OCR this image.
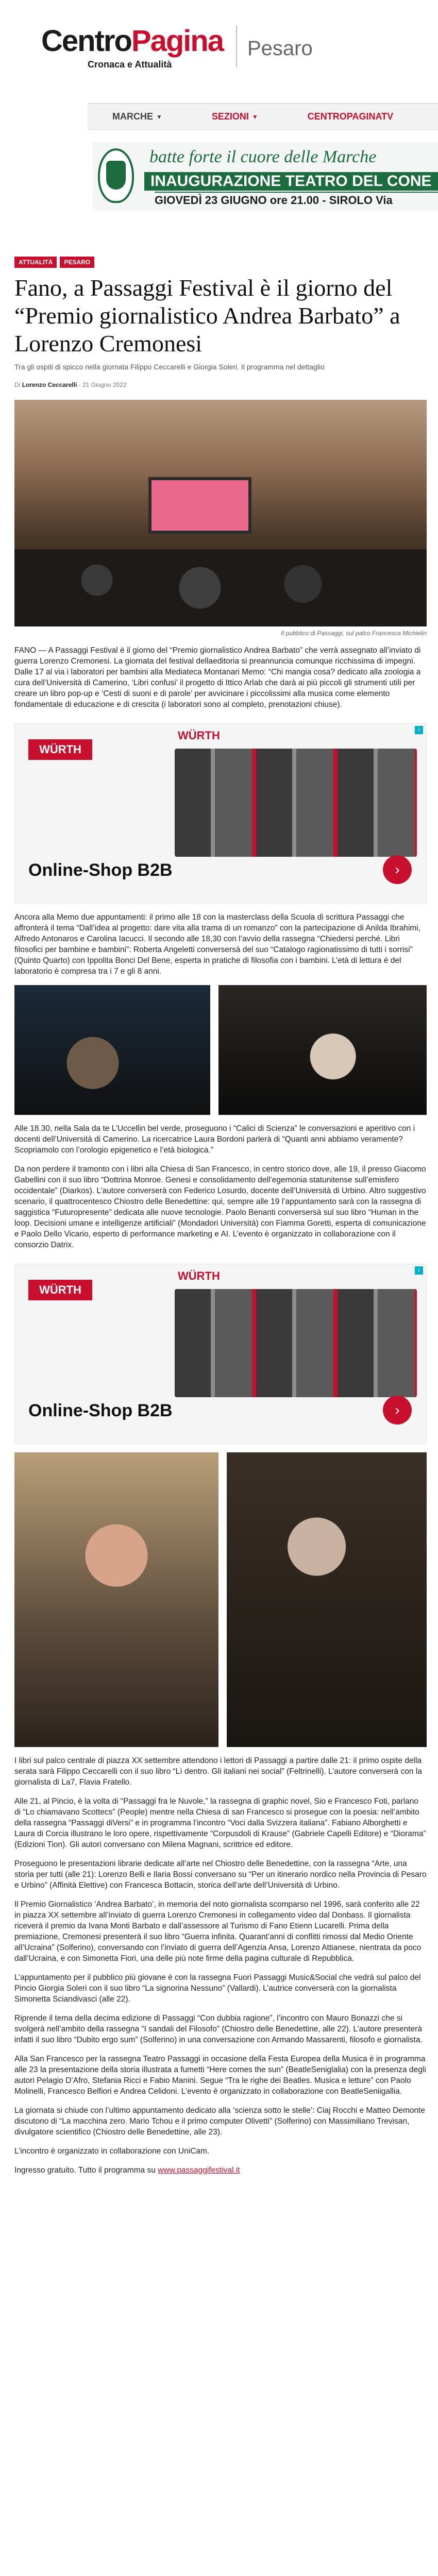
CentroPagina
Cronaca e Attualità
Pesaro
MARCHE ▼	SEZIONI ▼	CENTROPAGINATV
batte forte il cuore delle Marche
INAUGURAZIONE TEATRO DEL CONE
GIOVEDÌ 23 GIUGNO ore 21.00 - SIROLO Via
ATTUALITÀ	PESARO
Fano, a Passaggi Festival è il giorno del “Premio giornalistico Andrea Barbato” a Lorenzo Cremonesi
Tra gli ospiti di spicco nella giornata Filippo Ceccarelli e Giorgia Soleri. Il programma nel dettaglio
Di Lorenzo Ceccarelli - 21 Giugno 2022
Il pubblico di Passaggi, sul palco Francesca Michielin

FANO — A Passaggi Festival è il giorno del “Premio giornalistico Andrea Barbato” che verrà assegnato all’inviato di guerra Lorenzo Cremonesi. La giornata del festival dellaeditoria si preannuncia comunque ricchissima di impegni. Dalle 17 al via i laboratori per bambini alla Mediateca Montanari Memo: “Chi mangia cosa? dedicato alla zoologia a cura dell’Università di Camerino, ‘Libri confusi’ il progetto di Ittico Arlab che darà ai più piccoli gli strumenti utili per creare un libro pop-up e ‘Cesti di suoni e di parole’ per avvicinare i piccolissimi alla musica come elemento fondamentale di educazione e di crescita (i laboratori sono al completo, prenotazioni chiuse).

i
WÜRTH
WÜRTH
Online-Shop B2B	›

Ancora alla Memo due appuntamenti: il primo alle 18 con la masterclass della Scuola di scrittura Passaggi che affronterà il tema “Dall’idea al progetto: dare vita alla trama di un romanzo” con la partecipazione di Anilda Ibrahimi, Alfredo Antonaros e Carolina Iacucci. Il secondo alle 18,30 con l’avvio della rassegna “Chiedersi perché. Libri filosofici per bambine e bambini”: Roberta Angeletti conversersà del suo “Catalogo ragionatissimo di tutti i sorrisi” (Quinto Quarto) con Ippolita Bonci Del Bene, esperta in pratiche di filosofia con i bambini. L’età di lettura è del laboratorio è compresa tra i 7 e gli 8 anni.

Alle 18.30, nella Sala da te L’Uccellin bel verde, proseguono i “Calici di Scienza” le conversazioni e aperitivo con i docenti dell’Università di Camerino. La ricercatrice Laura Bordoni parlerà di “Quanti anni abbiamo veramente? Scopriamolo con l’orologio epigenetico e l’età biologica.”

Da non perdere il tramonto con i libri alla Chiesa di San Francesco, in centro storico dove, alle 19, il presso Giacomo Gabellini con il suo libro “Dottrina Monroe. Genesi e consolidamento dell’egemonia statunitense sull’emisfero occidentale” (Diarkos). L’autore converserà con Federico Losurdo, docente dell’Università di Urbino. Altro suggestivo scenario, il quattrocentesco Chiostro delle Benedettine: qui, sempre alle 19 l’appuntamento sarà con la rassegna di saggistica “Futuropresente” dedicata alle nuove tecnologie. Paolo Benanti conversersà sul suo libro “Human in the loop. Decisioni umane e intelligenze artificiali” (Mondadori Università) con Fiamma Goretti, esperta di comunicazione e Paolo Dello Vicario, esperto di performance marketing e AI. L’evento è organizzato in collaborazione con il consorzio Datrix.

i
WÜRTH
WÜRTH
Online-Shop B2B	›

I libri sul palco centrale di piazza XX settembre attendono i lettori di Passaggi a partire dalle 21: il primo ospite della serata sarà Filippo Ceccarelli con il suo libro “Lì dentro. Gli italiani nei social” (Feltrinelli). L’autore converserà con la giornalista di La7, Flavia Fratello.

Alle 21, al Pincio, è la volta di “Passaggi fra le Nuvole,” la rassegna di graphic novel, Sio e Francesco Foti, parlano di “Lo chiamavano Scottecs” (People) mentre nella Chiesa di san Francesco si prosegue con la poesia: nell’ambito della rassegna “Passaggi diVersi” e in programma l’incontro “Voci dalla Svizzera italiana”. Fabiano Alborghetti e Laura di Corcia illustrano le loro opere, rispettivamente “Corpusdoli di Krause” (Gabriele Capelli Editore) e “Diorama” (Edizioni Tion). Gli autori conversano con Milena Magnani, scrittrice ed editore.

Proseguono le presentazioni librarie dedicate all’arte nel Chiostro delle Benedettine, con la rassegna “Arte, una storia per tutti (alle 21): Lorenzo Belli e Ilaria Bossi conversano su “Per un itinerario nordico nella Provincia di Pesaro e Urbino” (Affinità Elettive) con Francesca Bottacin, storica dell’arte dell’Università di Urbino.

Il Premio Giornalistico ‘Andrea Barbato’, in memoria del noto giornalista scomparso nel 1996, sarà conferito alle 22 in piazza XX settembre all’inviato di guerra Lorenzo Cremonesi in collegamento video dal Donbass. Il giornalista riceverà il premio da Ivana Monti Barbato e dall’assessore al Turismo di Fano Etienn Lucarelli. Prima della premiazione, Cremonesi presenterà il suo libro “Guerra infinita. Quarant’anni di conflitti rimossi dal Medio Oriente all’Ucraina” (Solferino), conversando con l’inviato di guerra dell’Agenzia Ansa, Lorenzo Attianese, nientrata da poco dall’Ucraina, e con Simonetta Fiori, una delle più note firme della pagina culturale di Repubblica.

L’appuntamento per il pubblico più giovane è con la rassegna Fuori Passaggi Music&Social che vedrà sul palco del Pincio Giorgia Soleri con il suo libro “La signorina Nessuno” (Vallardi). L’autrice converserà con la giornalista Simonetta Sciandivasci (alle 22).

Riprende il tema della decima edizione di Passaggi “Con dubbia ragione”, l’incontro con Mauro Bonazzi che si svolgerà nell’ambito della rassegna “I sandali del Filosofo” (Chiostro delle Benedettine, alle 22). L’autore presenterà infatti il suo libro “Dubito ergo sum” (Solferino) in una conversazione con Armando Massarenti, filosofo e giornalista.

Alla San Francesco per la rassegna Teatro Passaggi in occasione della Festa Europea della Musica è in programma alle 23 la presentazione della storia illustrata a fumetti “Here comes the sun” (BeatleSeniglalia) con la presenza degli autori Pelagio D’Afro, Stefania Ricci e Fabio Manini. Segue “Tra le righe dei Beatles. Musica e letture” con Paolo Molinelli, Francesco Belfiori e Andrea Celidoni. L’evento è organizzato in collaborazione con BeatleSeniigallia.

La giornata si chiude con l’ultimo appuntamento dedicato alla ‘scienza sotto le stelle’: Ciaj Rocchi e Matteo Demonte discutono di “La macchina zero. Mario Tchou e il primo computer Olivetti” (Solferino) con Massimiliano Trevisan, divulgatore scientifico (Chiostro delle Benedettine, alle 23).

L’incontro è organizzato in collaborazione con UniCam.

Ingresso gratuito. Tutto il programma su www.passaggifestival.it
